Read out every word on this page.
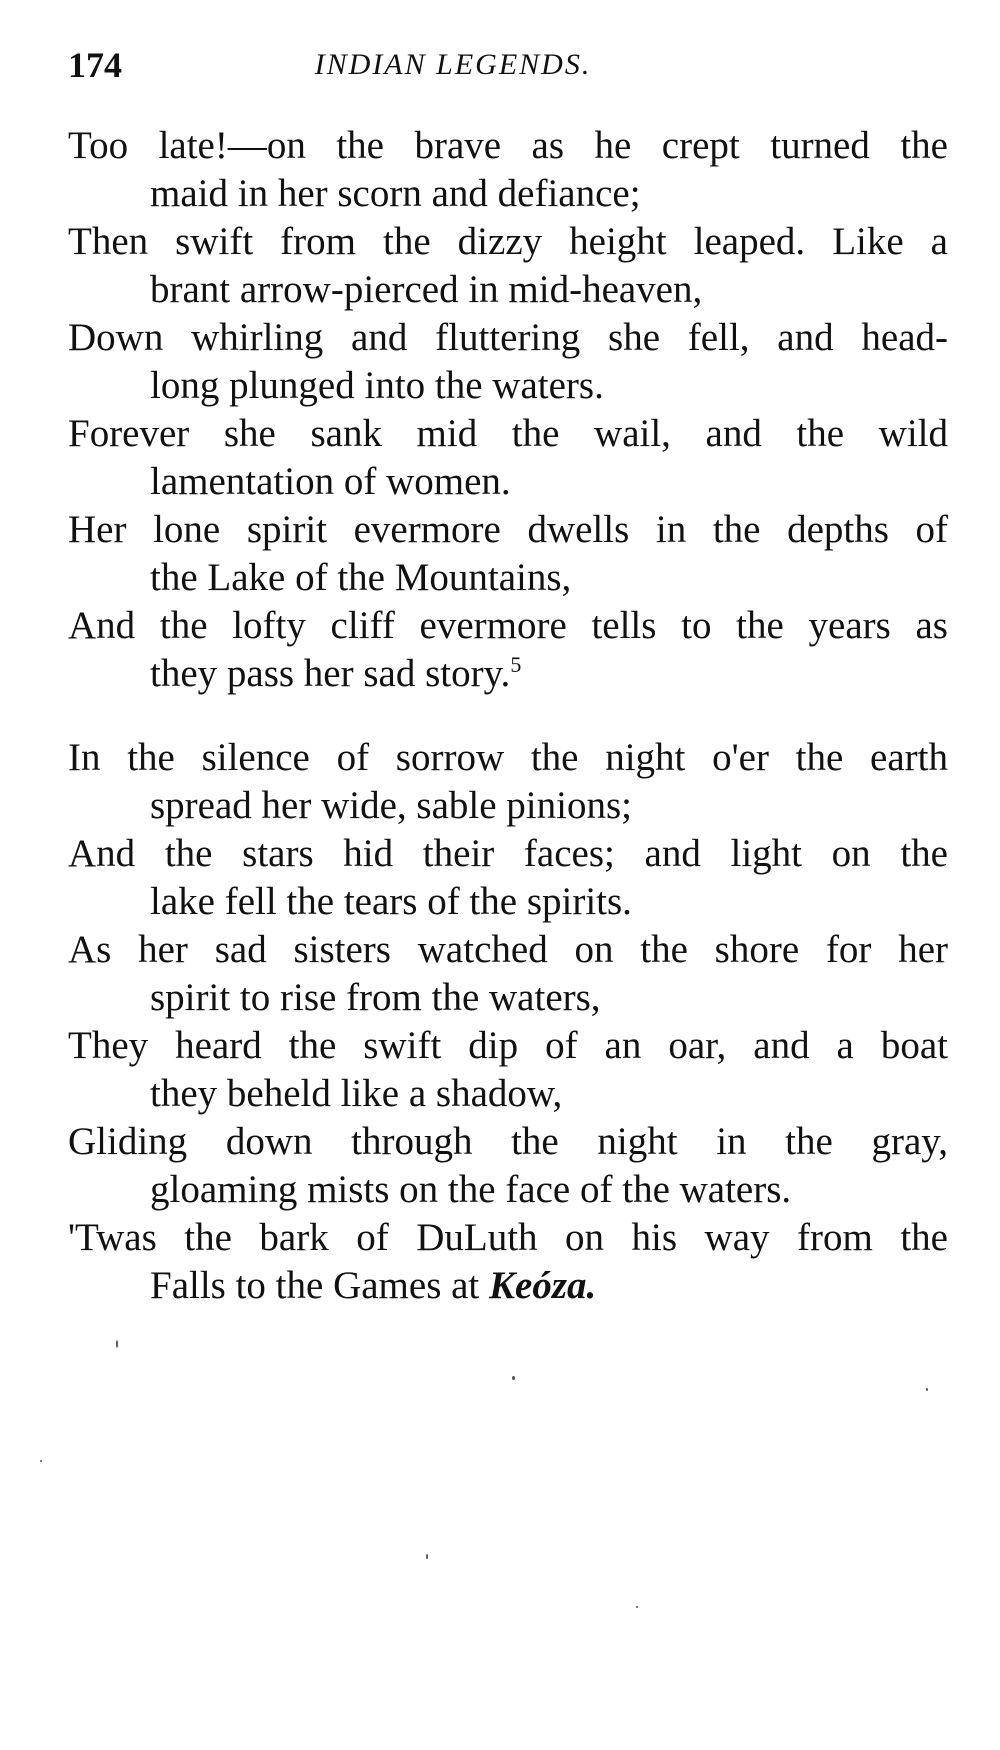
174	INDIAN LEGENDS.
Too late!—on the brave as he crept turned the
maid in her scorn and defiance;
Then swift from the dizzy height leaped. Like a
brant arrow-pierced in mid-heaven,
Down whirling and fluttering she fell, and head-
long plunged into the waters.
Forever she sank mid the wail, and the wild
lamentation of women.
Her lone spirit evermore dwells in the depths of
the Lake of the Mountains,
And the lofty cliff evermore tells to the years as
they pass her sad story.$^5$
In the silence of sorrow the night o'er the earth
spread her wide, sable pinions;
And the stars hid their faces; and light on the
lake fell the tears of the spirits.
As her sad sisters watched on the shore for her
spirit to rise from the waters,
They heard the swift dip of an oar, and a boat
they beheld like a shadow,
Gliding down through the night in the gray,
gloaming mists on the face of the waters.
'Twas the bark of DuLuth on his way from the
Falls to the Games at Keóza.
